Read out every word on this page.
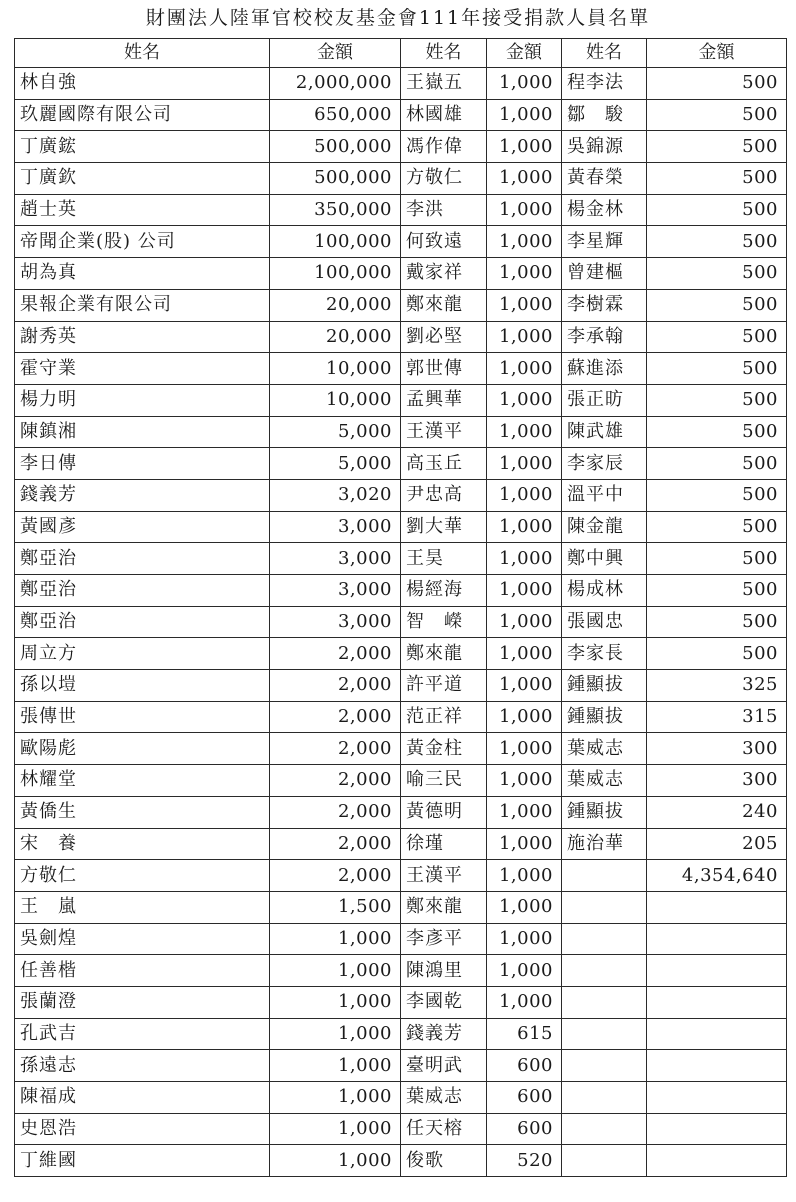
財團法人陸軍官校校友基金會111年接受捐款人員名單
姓名	金額	姓名	金額	姓名	金額
林自強	2,000,000	王嶽五	1,000	程李法	500
玖麗國際有限公司	650,000	林國雄	1,000	鄒　駿	500
丁廣鋐	500,000	馮作偉	1,000	吳錦源	500
丁廣欽	500,000	方敬仁	1,000	黃春榮	500
趙士英	350,000	李洪	1,000	楊金林	500
帝聞企業(股) 公司	100,000	何致遠	1,000	李星輝	500
胡為真	100,000	戴家祥	1,000	曾建樞	500
果報企業有限公司	20,000	鄭來龍	1,000	李樹霖	500
謝秀英	20,000	劉必堅	1,000	李承翰	500
霍守業	10,000	郭世傳	1,000	蘇進添	500
楊力明	10,000	孟興華	1,000	張正昉	500
陳鎮湘	5,000	王漢平	1,000	陳武雄	500
李日傳	5,000	高玉丘	1,000	李家辰	500
錢義芳	3,020	尹忠高	1,000	溫平中	500
黃國彥	3,000	劉大華	1,000	陳金龍	500
鄭亞治	3,000	王昊	1,000	鄭中興	500
鄭亞治	3,000	楊經海	1,000	楊成林	500
鄭亞治	3,000	智　嶸	1,000	張國忠	500
周立方	2,000	鄭來龍	1,000	李家長	500
孫以塏	2,000	許平道	1,000	鍾顯拔	325
張傳世	2,000	范正祥	1,000	鍾顯拔	315
歐陽彪	2,000	黃金柱	1,000	葉威志	300
林耀堂	2,000	喻三民	1,000	葉威志	300
黃僑生	2,000	黃德明	1,000	鍾顯拔	240
宋　養	2,000	徐瑾	1,000	施治華	205
方敬仁	2,000	王漢平	1,000		4,354,640
王　嵐	1,500	鄭來龍	1,000		
吳劍煌	1,000	李彥平	1,000		
任善楷	1,000	陳鴻里	1,000		
張蘭澄	1,000	李國乾	1,000		
孔武吉	1,000	錢義芳	615		
孫遠志	1,000	臺明武	600		
陳福成	1,000	葉威志	600		
史恩浩	1,000	任天榕	600		
丁維國	1,000	俊歌	520		
